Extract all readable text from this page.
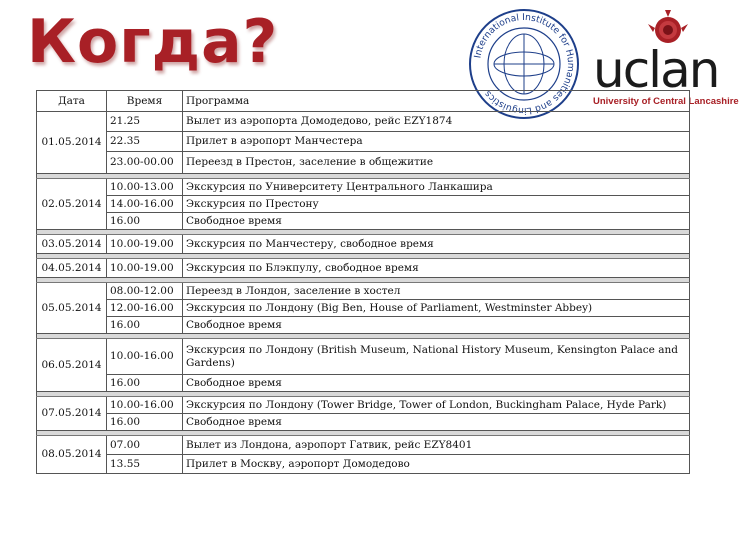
Когда?	International Institute for Humanities and Linguistics	uclan
University of Central Lancashire
Дата	Время	Программа
01.05.2014	21.25	Вылет из аэропорта Домодедово, рейс EZY1874
	22.35	Прилет в аэропорт Манчестера
	23.00-00.00	Переезд в Престон, заселение в общежитие

02.05.2014	10.00-13.00	Экскурсия по Университету Центрального Ланкашира
	14.00-16.00	Экскурсия по Престону
	16.00	Свободное время

03.05.2014	10.00-19.00	Экскурсия по Манчестеру, свободное время

04.05.2014	10.00-19.00	Экскурсия по Блэкпулу, свободное время

05.05.2014	08.00-12.00	Переезд в Лондон, заселение в хостел
	12.00-16.00	Экскурсия по Лондону (Big Ben, House of Parliament, Westminster Abbey)
	16.00	Свободное время

06.05.2014	10.00-16.00	Экскурсия по Лондону (British Museum, National History Museum, Kensington Palace and Gardens)
	16.00	Свободное время

07.05.2014	10.00-16.00	Экскурсия по Лондону (Tower Bridge, Tower of London, Buckingham Palace, Hyde Park)
	16.00	Свободное время

08.05.2014	07.00	Вылет из Лондона, аэропорт Гатвик, рейс EZY8401
	13.55	Прилет в Москву, аэропорт Домодедово
